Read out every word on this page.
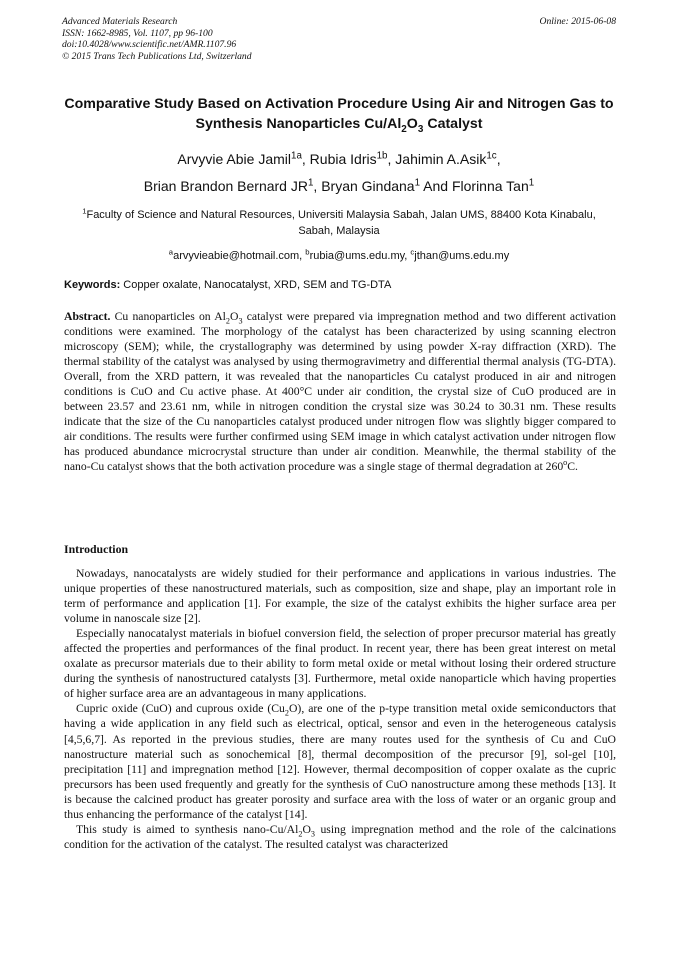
Advanced Materials Research
ISSN: 1662-8985, Vol. 1107, pp 96-100
doi:10.4028/www.scientific.net/AMR.1107.96
© 2015 Trans Tech Publications Ltd, Switzerland
Online: 2015-06-08
Comparative Study Based on Activation Procedure Using Air and Nitrogen Gas to Synthesis Nanoparticles $Cu/Al_2O_3$ Catalyst
Arvyvie Abie Jamil$^{1a}$, Rubia Idris$^{1b}$, Jahimin A.Asik$^{1c}$,
Brian Brandon Bernard $JR^1$, Bryan Gindana$^1$ And Florinna Tan$^1$
$^1$Faculty of Science and Natural Resources, Universiti Malaysia Sabah, Jalan UMS, 88400 Kota Kinabalu, Sabah, Malaysia
$^a$arvyvieabie@hotmail.com, $^b$rubia@ums.edu.my, $^c$jthan@ums.edu.my
Keywords: Copper oxalate, Nanocatalyst, XRD, SEM and TG-DTA
Abstract. Cu nanoparticles on $Al_2O_3$ catalyst were prepared via impregnation method and two different activation conditions were examined. The morphology of the catalyst has been characterized by using scanning electron microscopy (SEM); while, the crystallography was determined by using powder X-ray diffraction (XRD). The thermal stability of the catalyst was analysed by using thermogravimetry and differential thermal analysis (TG-DTA). Overall, from the XRD pattern, it was revealed that the nanoparticles Cu catalyst produced in air and nitrogen conditions is CuO and Cu active phase. At 400°C under air condition, the crystal size of CuO produced are in between 23.57 and 23.61 nm, while in nitrogen condition the crystal size was 30.24 to 30.31 nm. These results indicate that the size of the Cu nanoparticles catalyst produced under nitrogen flow was slightly bigger compared to air conditions. The results were further confirmed using SEM image in which catalyst activation under nitrogen flow has produced abundance microcrystal structure than under air condition. Meanwhile, the thermal stability of the nano-Cu catalyst shows that the both activation procedure was a single stage of thermal degradation at 260$^o$C.
Introduction

Nowadays, nanocatalysts are widely studied for their performance and applications in various industries. The unique properties of these nanostructured materials, such as composition, size and shape, play an important role in term of performance and application [1]. For example, the size of the catalyst exhibits the higher surface area per volume in nanoscale size [2].

Especially nanocatalyst materials in biofuel conversion field, the selection of proper precursor material has greatly affected the properties and performances of the final product. In recent year, there has been great interest on metal oxalate as precursor materials due to their ability to form metal oxide or metal without losing their ordered structure during the synthesis of nanostructured catalysts [3]. Furthermore, metal oxide nanoparticle which having properties of higher surface area are an advantageous in many applications.

Cupric oxide (CuO) and cuprous oxide $(Cu_2O)$, are one of the p-type transition metal oxide semiconductors that having a wide application in any field such as electrical, optical, sensor and even in the heterogeneous catalysis [4,5,6,7]. As reported in the previous studies, there are many routes used for the synthesis of Cu and CuO nanostructure material such as sonochemical [8], thermal decomposition of the precursor [9], sol-gel [10], precipitation [11] and impregnation method [12]. However, thermal decomposition of copper oxalate as the cupric precursors has been used frequently and greatly for the synthesis of CuO nanostructure among these methods [13]. It is because the calcined product has greater porosity and surface area with the loss of water or an organic group and thus enhancing the performance of the catalyst [14].

This study is aimed to synthesis nano-$Cu/Al_2O_3$ using impregnation method and the role of the calcinations condition for the activation of the catalyst. The resulted catalyst was characterized
